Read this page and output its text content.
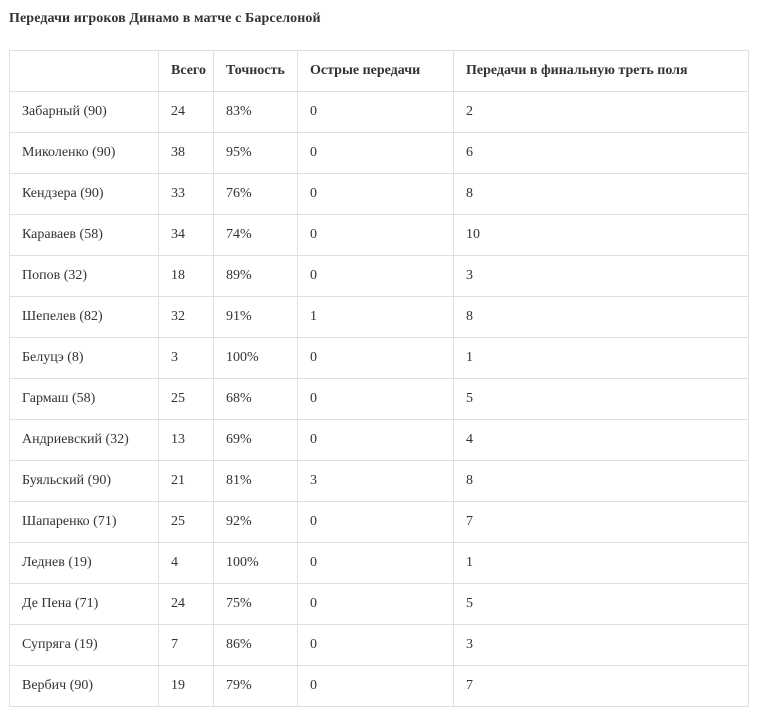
Передачи игроков Динамо в матче с Барселоной
	Всего	Точность	Острые передачи	Передачи в финальную треть поля
Забарный (90)	24	83%	0	2
Миколенко (90)	38	95%	0	6
Кендзера (90)	33	76%	0	8
Караваев (58)	34	74%	0	10
Попов (32)	18	89%	0	3
Шепелев (82)	32	91%	1	8
Белуцэ (8)	3	100%	0	1
Гармаш (58)	25	68%	0	5
Андриевский (32)	13	69%	0	4
Буяльский (90)	21	81%	3	8
Шапаренко (71)	25	92%	0	7
Леднев (19)	4	100%	0	1
Де Пена (71)	24	75%	0	5
Супряга (19)	7	86%	0	3
Вербич (90)	19	79%	0	7
